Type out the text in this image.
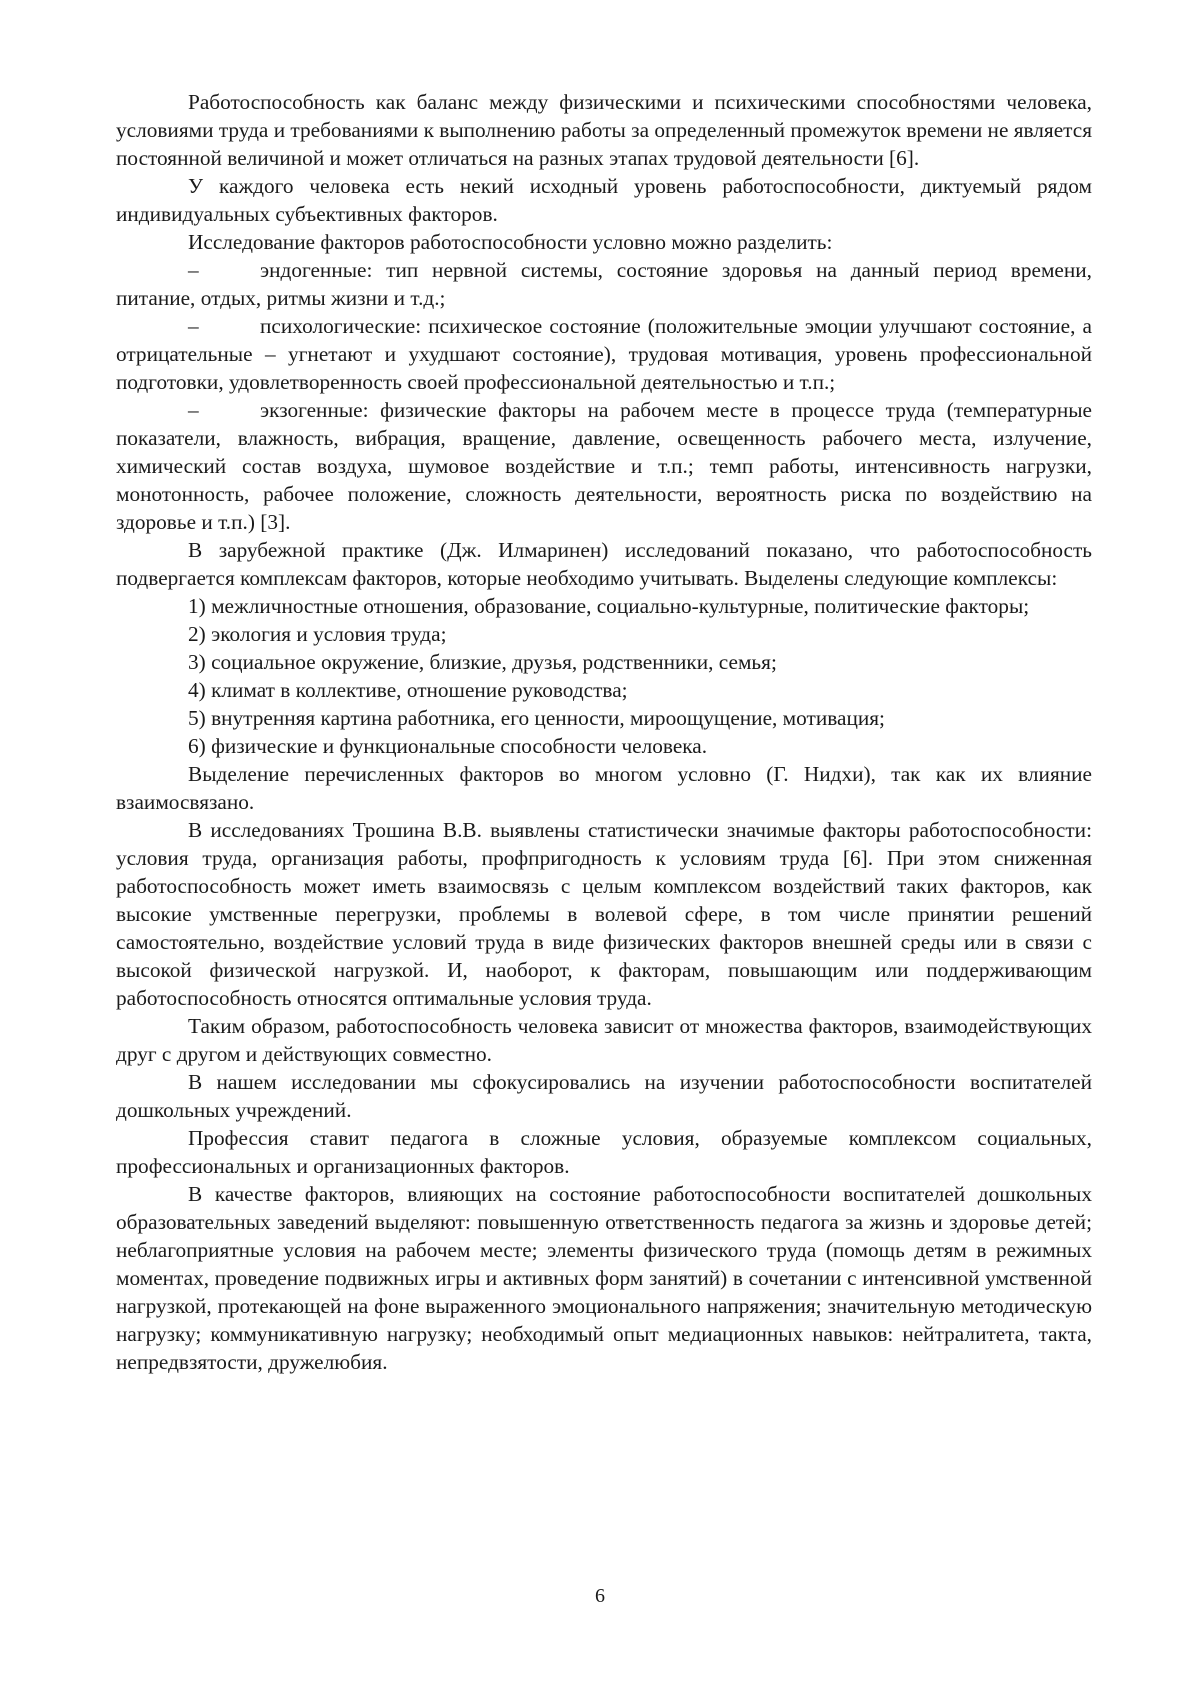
Работоспособность как баланс между физическими и психическими способностями человека, условиями труда и требованиями к выполнению работы за определенный промежуток времени не является постоянной величиной и может отличаться на разных этапах трудовой деятельности [6].

У каждого человека есть некий исходный уровень работоспособности, диктуемый рядом индивидуальных субъективных факторов.

Исследование факторов работоспособности условно можно разделить:

–	эндогенные: тип нервной системы, состояние здоровья на данный период времени, питание, отдых, ритмы жизни и т.д.;

–	психологические: психическое состояние (положительные эмоции улучшают состояние, а отрицательные – угнетают и ухудшают состояние), трудовая мотивация, уровень профессиональной подготовки, удовлетворенность своей профессиональной деятельностью и т.п.;

–	экзогенные: физические факторы на рабочем месте в процессе труда (температурные показатели, влажность, вибрация, вращение, давление, освещенность рабочего места, излучение, химический состав воздуха, шумовое воздействие и т.п.; темп работы, интенсивность нагрузки, монотонность, рабочее положение, сложность деятельности, вероятность риска по воздействию на здоровье и т.п.) [3].

В зарубежной практике (Дж. Илмаринен) исследований показано, что работоспособность подвергается комплексам факторов, которые необходимо учитывать. Выделены следующие комплексы:

1) межличностные отношения, образование, социально-культурные, политические факторы;

2) экология и условия труда;

3) социальное окружение, близкие, друзья, родственники, семья;

4) климат в коллективе, отношение руководства;

5) внутренняя картина работника, его ценности, мироощущение, мотивация;

6) физические и функциональные способности человека.

Выделение перечисленных факторов во многом условно (Г. Нидхи), так как их влияние взаимосвязано.

В исследованиях Трошина В.В. выявлены статистически значимые факторы работоспособности: условия труда, организация работы, профпригодность к условиям труда [6]. При этом сниженная работоспособность может иметь взаимосвязь с целым комплексом воздействий таких факторов, как высокие умственные перегрузки, проблемы в волевой сфере, в том числе принятии решений самостоятельно, воздействие условий труда в виде физических факторов внешней среды или в связи с высокой физической нагрузкой. И, наоборот, к факторам, повышающим или поддерживающим работоспособность относятся оптимальные условия труда.

Таким образом, работоспособность человека зависит от множества факторов, взаимодействующих друг с другом и действующих совместно.

В нашем исследовании мы сфокусировались на изучении работоспособности воспитателей дошкольных учреждений.

Профессия ставит педагога в сложные условия, образуемые комплексом социальных, профессиональных и организационных факторов.

В качестве факторов, влияющих на состояние работоспособности воспитателей дошкольных образовательных заведений выделяют: повышенную ответственность педагога за жизнь и здоровье детей; неблагоприятные условия на рабочем месте; элементы физического труда (помощь детям в режимных моментах, проведение подвижных игры и активных форм занятий) в сочетании с интенсивной умственной нагрузкой, протекающей на фоне выраженного эмоционального напряжения; значительную методическую нагрузку; коммуникативную нагрузку; необходимый опыт медиационных навыков: нейтралитета, такта, непредвзятости, дружелюбия.

6
